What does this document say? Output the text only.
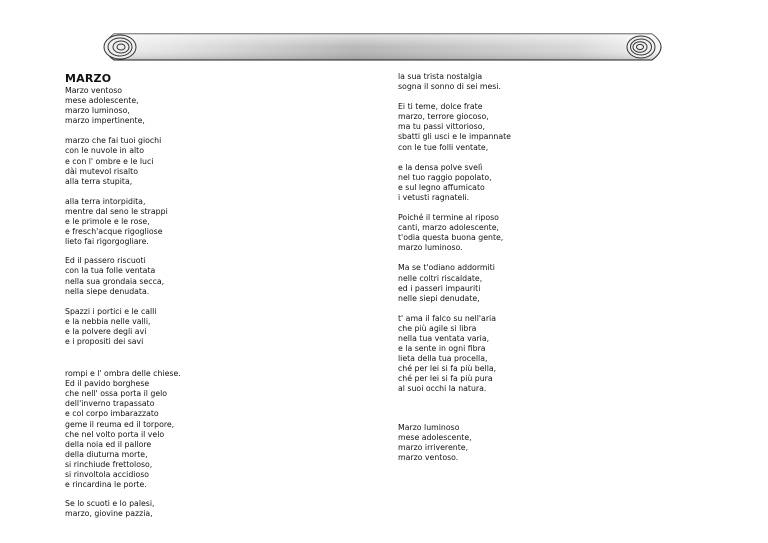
MARZO
Marzo ventoso
mese adolescente,
marzo luminoso,
marzo impertinente,
marzo che fai tuoi giochi
con le nuvole in alto
e con l' ombre e le luci
dài mutevol risalto
alla terra stupita,
alla terra intorpidita,
mentre dal seno le strappi
e le primole e le rose,
e fresch'acque rigogliose
lieto fai rigorgogliare.
Ed il passero riscuoti
con la tua folle ventata
nella sua grondaia secca,
nella siepe denudata.
Spazzi i portici e le calli
e la nebbia nelle valli,
e la polvere degli avi
e i propositi dei savi
rompi e l' ombra delle chiese.
Ed il pavido borghese
che nell' ossa porta il gelo
dell'inverno trapassato
e col corpo imbarazzato
geme il reuma ed il torpore,
che nel volto porta il velo
della noia ed il pallore
della diuturna morte,
si rinchiude frettoloso,
si rinvoltola accidioso
e rincardina le porte.
Se lo scuoti e lo palesi,
marzo, giovine pazzia,
la sua trista nostalgia
sogna il sonno di sei mesi.
Ei ti teme, dolce frate
marzo, terrore giocoso,
ma tu passi vittorioso,
sbatti gli usci e le impannate
con le tue folli ventate,
e la densa polve svelì
nel tuo raggio popolato,
e sul legno affumicato
i vetusti ragnateli.
Poiché il termine al riposo
canti, marzo adolescente,
t'odia questa buona gente,
marzo luminoso.
Ma se t'odiano addormiti
nelle coltri riscaldate,
ed i passeri impauriti
nelle siepi denudate,
t' ama il falco su nell'aria
che più agile si libra
nella tua ventata varia,
e la sente in ogni fibra
lieta della tua procella,
ché per lei si fa più bella,
ché per lei si fa più pura
al suoi occhi la natura.
Marzo luminoso
mese adolescente,
marzo irriverente,
marzo ventoso.
